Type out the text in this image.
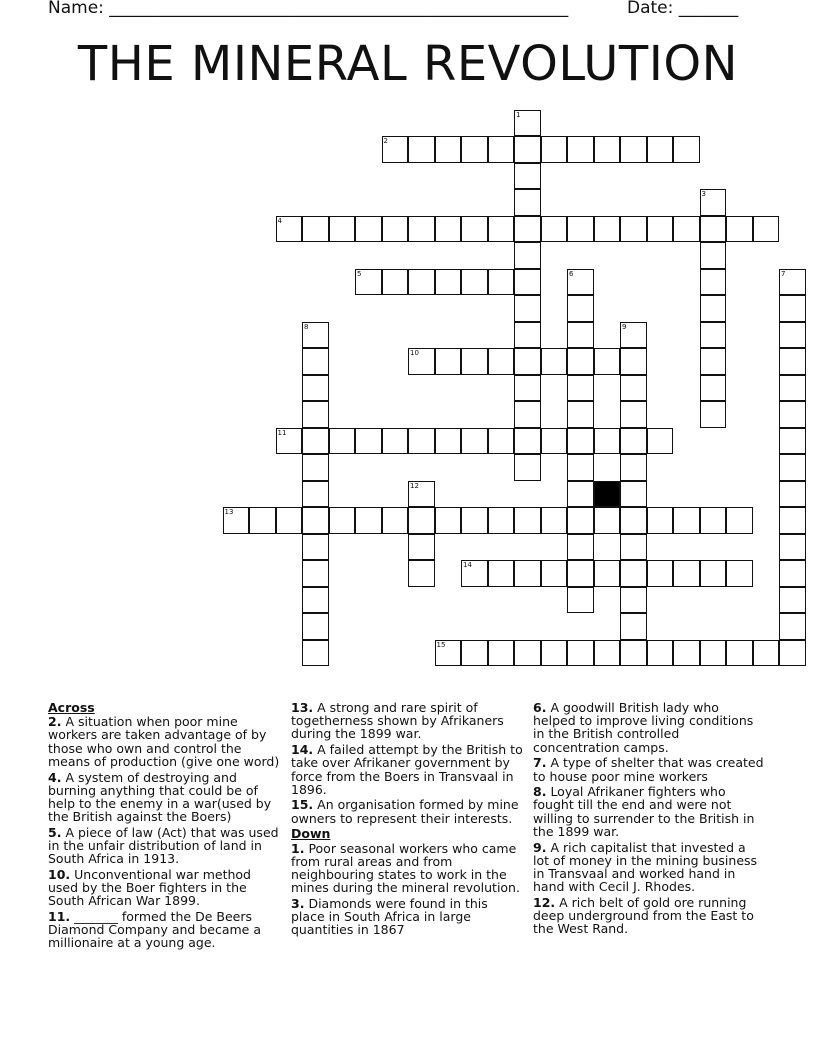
Name: ______________________________________________________	Date: _______
THE MINERAL REVOLUTION
1
2
3
4
5	6	7
8	9
10
11
12
13
14
15
Across
2. A situation when poor mine workers are taken advantage of by those who own and control the means of production (give one word)
4. A system of destroying and burning anything that could be of help to the enemy in a war(used by the British against the Boers)
5. A piece of law (Act) that was used in the unfair distribution of land in South Africa in 1913.
10. Unconventional war method used by the Boer fighters in the South African War 1899.
11. _______ formed the De Beers Diamond Company and became a millionaire at a young age.
13. A strong and rare spirit of togetherness shown by Afrikaners during the 1899 war.
14. A failed attempt by the British to take over Afrikaner government by force from the Boers in Transvaal in 1896.
15. An organisation formed by mine owners to represent their interests.
Down
1. Poor seasonal workers who came from rural areas and from neighbouring states to work in the mines during the mineral revolution.
3. Diamonds were found in this place in South Africa in large quantities in 1867
6. A goodwill British lady who helped to improve living conditions in the British controlled concentration camps.
7. A type of shelter that was created to house poor mine workers
8. Loyal Afrikaner fighters who fought till the end and were not willing to surrender to the British in the 1899 war.
9. A rich capitalist that invested a lot of money in the mining business in Transvaal and worked hand in hand with Cecil J. Rhodes.
12. A rich belt of gold ore running deep underground from the East to the West Rand.
